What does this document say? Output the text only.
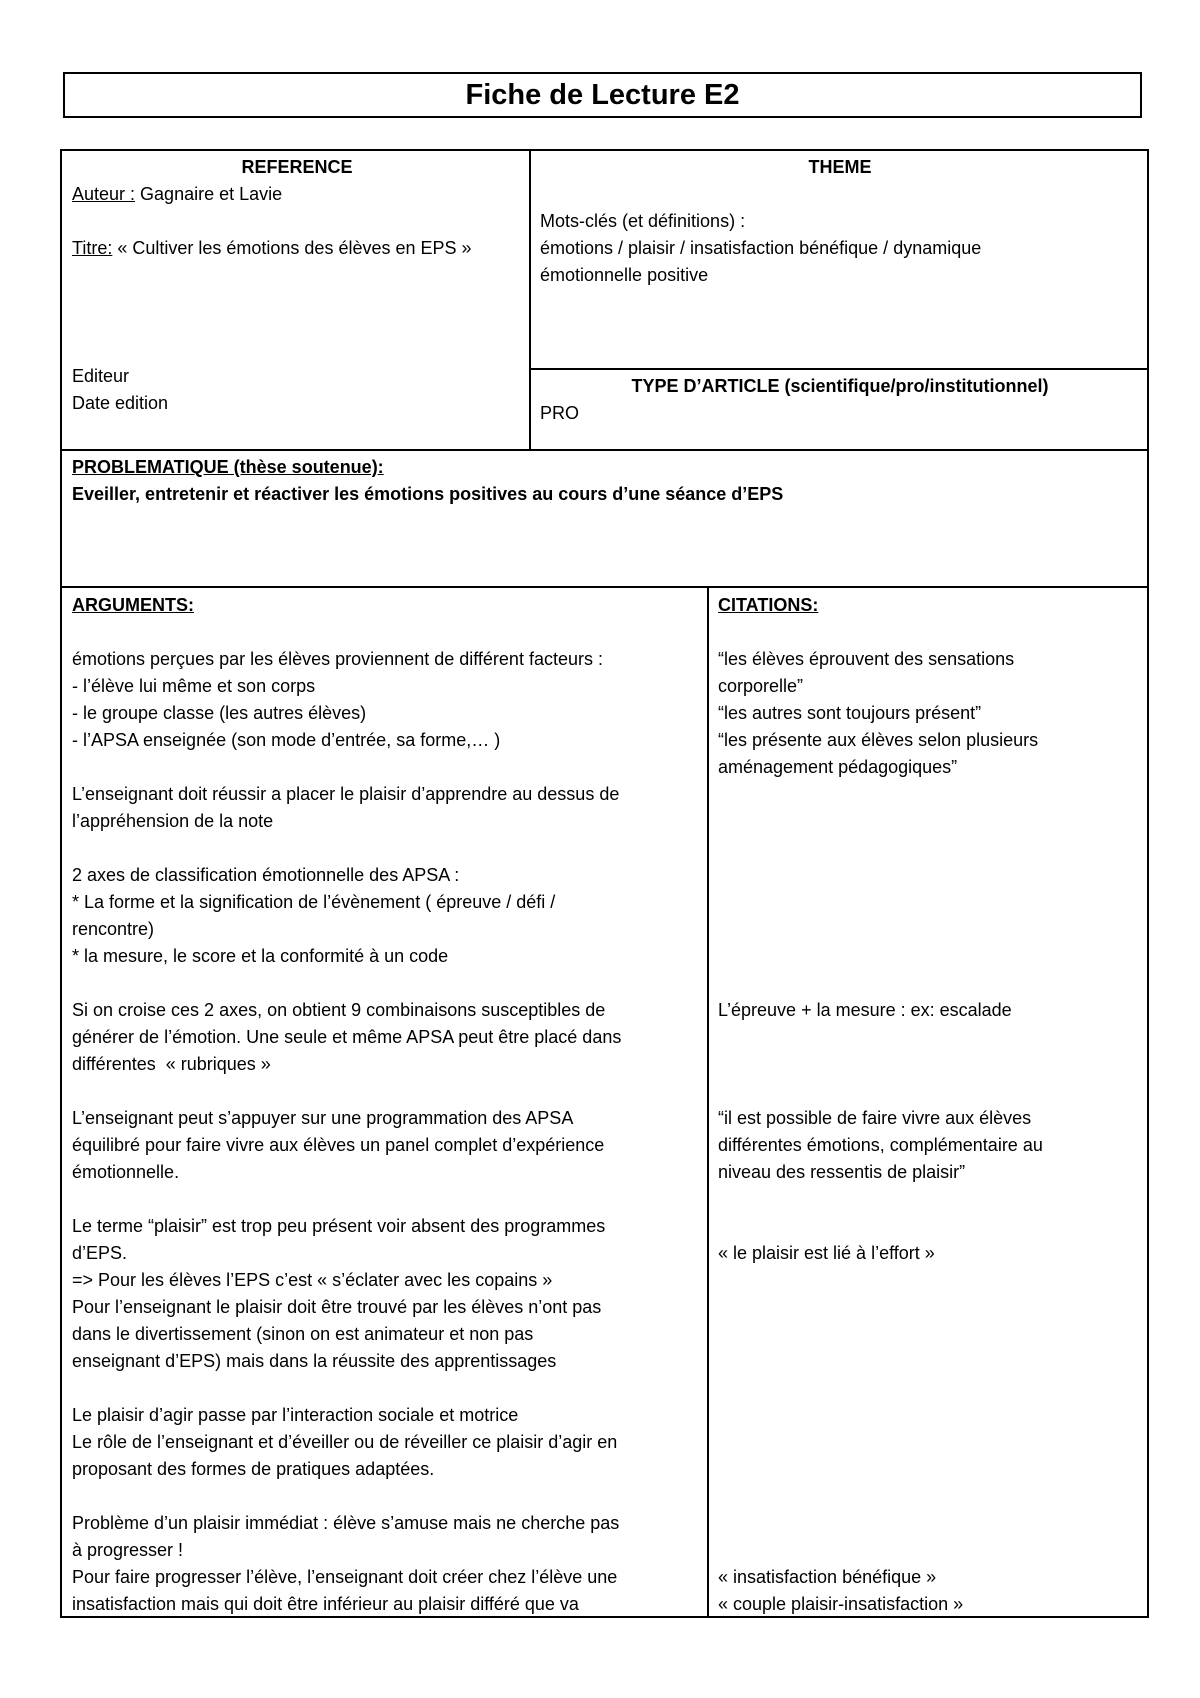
Fiche de Lecture E2
REFERENCE
Auteur : Gagnaire et Lavie
Titre: « Cultiver les émotions des élèves en EPS »
Editeur
Date edition
THEME
Mots-clés (et définitions) :
émotions / plaisir / insatisfaction bénéfique / dynamique
émotionnelle positive
TYPE D’ARTICLE (scientifique/pro/institutionnel)
PRO
PROBLEMATIQUE (thèse soutenue):
Eveiller, entretenir et réactiver les émotions positives au cours d’une séance d’EPS
ARGUMENTS:
émotions perçues par les élèves proviennent de différent facteurs :
- l’élève lui même et son corps
- le groupe classe (les autres élèves)
- l’APSA enseignée (son mode d’entrée, sa forme,… )
L’enseignant doit réussir a placer le plaisir d’apprendre au dessus de
l’appréhension de la note
2 axes de classification émotionnelle des APSA :
* La forme et la signification de l’évènement ( épreuve / défi /
rencontre)
* la mesure, le score et la conformité à un code
Si on croise ces 2 axes, on obtient 9 combinaisons susceptibles de
générer de l’émotion. Une seule et même APSA peut être placé dans
différentes  « rubriques »
L’enseignant peut s’appuyer sur une programmation des APSA
équilibré pour faire vivre aux élèves un panel complet d’expérience
émotionnelle.
Le terme “plaisir” est trop peu présent voir absent des programmes
d’EPS.
=> Pour les élèves l’EPS c’est « s’éclater avec les copains »
Pour l’enseignant le plaisir doit être trouvé par les élèves n’ont pas
dans le divertissement (sinon on est animateur et non pas
enseignant d’EPS) mais dans la réussite des apprentissages
Le plaisir d’agir passe par l’interaction sociale et motrice
Le rôle de l’enseignant et d’éveiller ou de réveiller ce plaisir d’agir en
proposant des formes de pratiques adaptées.
Problème d’un plaisir immédiat : élève s’amuse mais ne cherche pas
à progresser !
Pour faire progresser l’élève, l’enseignant doit créer chez l’élève une
insatisfaction mais qui doit être inférieur au plaisir différé que va
CITATIONS:
“les élèves éprouvent des sensations
corporelle”
“les autres sont toujours présent”
“les présente aux élèves selon plusieurs
aménagement pédagogiques”
L’épreuve + la mesure : ex: escalade
“il est possible de faire vivre aux élèves
différentes émotions, complémentaire au
niveau des ressentis de plaisir”
« le plaisir est lié à l’effort »
« insatisfaction bénéfique »
« couple plaisir-insatisfaction »
